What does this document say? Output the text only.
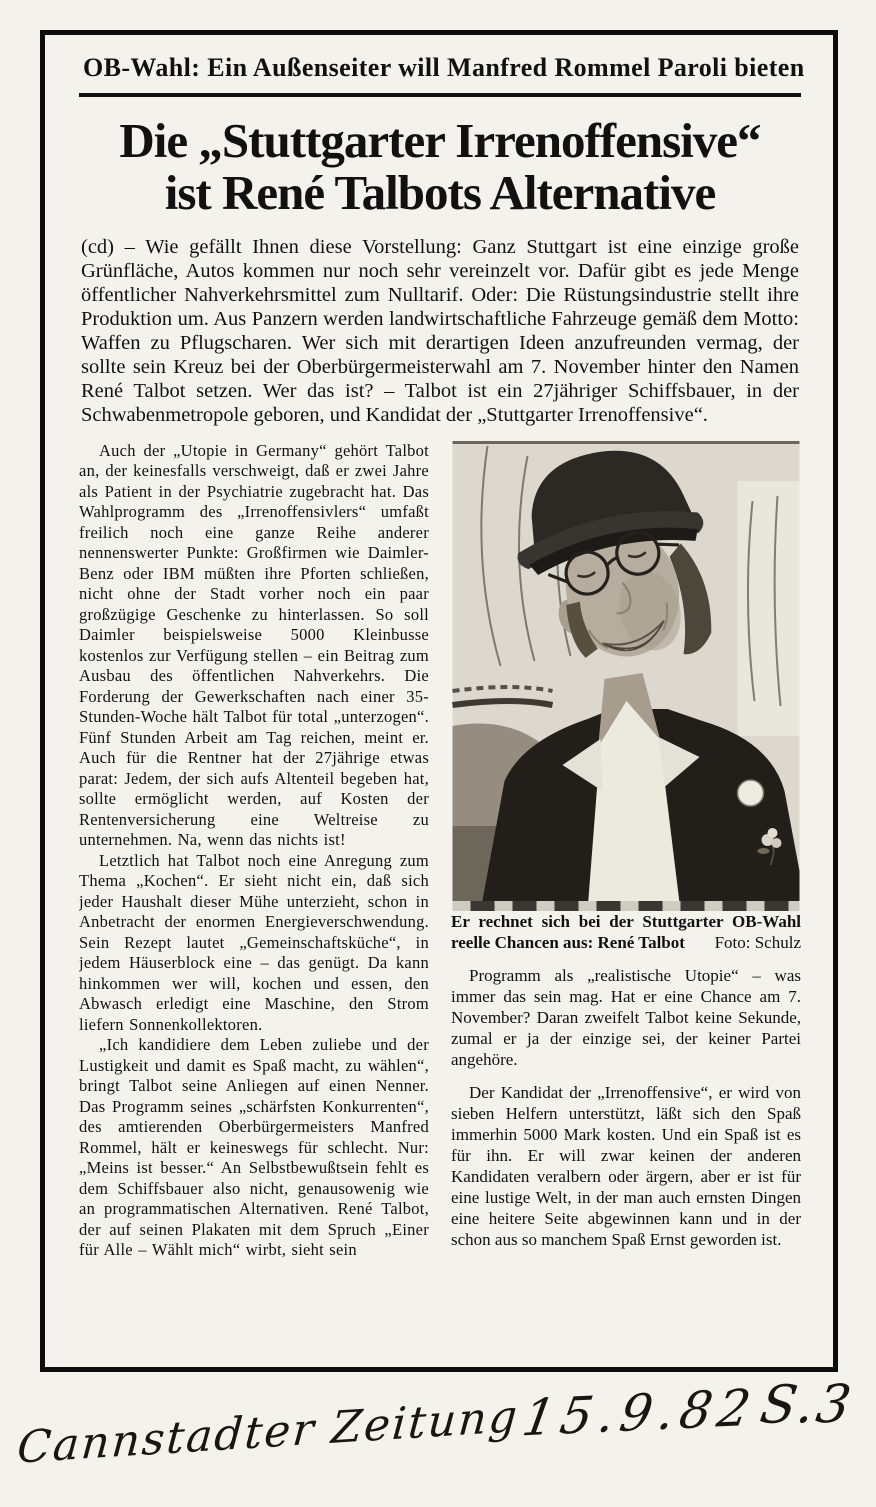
OB-Wahl: Ein Außenseiter will Manfred Rommel Paroli bieten
Die „Stuttgarter Irrenoffensive“
ist René Talbots Alternative
(cd) – Wie gefällt Ihnen diese Vorstellung: Ganz Stuttgart ist eine einzige große Grünfläche, Autos kommen nur noch sehr vereinzelt vor. Dafür gibt es jede Menge öffentlicher Nahverkehrsmittel zum Nulltarif. Oder: Die Rüstungsindustrie stellt ihre Produktion um. Aus Panzern werden landwirtschaftliche Fahrzeuge gemäß dem Motto: Waffen zu Pflugscharen. Wer sich mit derartigen Ideen anzufreunden vermag, der sollte sein Kreuz bei der Oberbürgermeisterwahl am 7. November hinter den Namen René Talbot setzen. Wer das ist? – Talbot ist ein 27jähriger Schiffsbauer, in der Schwabenmetropole geboren, und Kandidat der „Stuttgarter Irrenoffensive“.

Auch der „Utopie in Germany“ gehört Talbot an, der keinesfalls verschweigt, daß er zwei Jahre als Patient in der Psychiatrie zugebracht hat. Das Wahlprogramm des „Irrenoffensivlers“ umfaßt freilich noch eine ganze Reihe anderer nennenswerter Punkte: Großfirmen wie Daimler-Benz oder IBM müßten ihre Pforten schließen, nicht ohne der Stadt vorher noch ein paar großzügige Geschenke zu hinterlassen. So soll Daimler beispielsweise 5000 Kleinbusse kostenlos zur Verfügung stellen – ein Beitrag zum Ausbau des öffentlichen Nahverkehrs. Die Forderung der Gewerkschaften nach einer 35-Stunden-Woche hält Talbot für total „unterzogen“. Fünf Stunden Arbeit am Tag reichen, meint er. Auch für die Rentner hat der 27jährige etwas parat: Jedem, der sich aufs Altenteil begeben hat, sollte ermöglicht werden, auf Kosten der Rentenversicherung eine Weltreise zu unternehmen. Na, wenn das nichts ist!

Letztlich hat Talbot noch eine Anregung zum Thema „Kochen“. Er sieht nicht ein, daß sich jeder Haushalt dieser Mühe unterzieht, schon in Anbetracht der enormen Energieverschwendung. Sein Rezept lautet „Gemeinschaftsküche“, in jedem Häuserblock eine – das genügt. Da kann hinkommen wer will, kochen und essen, den Abwasch erledigt eine Maschine, den Strom liefern Sonnenkollektoren.

„Ich kandidiere dem Leben zuliebe und der Lustigkeit und damit es Spaß macht, zu wählen“, bringt Talbot seine Anliegen auf einen Nenner. Das Programm seines „schärfsten Konkurrenten“, des amtierenden Oberbürgermeisters Manfred Rommel, hält er keineswegs für schlecht. Nur: „Meins ist besser.“ An Selbstbewußtsein fehlt es dem Schiffsbauer also nicht, genausowenig wie an programmatischen Alternativen. René Talbot, der auf seinen Plakaten mit dem Spruch „Einer für Alle – Wählt mich“ wirbt, sieht sein

Er rechnet sich bei der Stuttgarter OB-Wahl reelle Chancen aus: René Talbot Foto: Schulz

Programm als „realistische Utopie“ – was immer das sein mag. Hat er eine Chance am 7. November? Daran zweifelt Talbot keine Sekunde, zumal er ja der einzige sei, der keiner Partei angehöre.

Der Kandidat der „Irrenoffensive“, er wird von sieben Helfern unterstützt, läßt sich den Spaß immerhin 5000 Mark kosten. Und ein Spaß ist es für ihn. Er will zwar keinen der anderen Kandidaten veralbern oder ärgern, aber er ist für eine lustige Welt, in der man auch ernsten Dingen eine heitere Seite abgewinnen kann und in der schon aus so manchem Spaß Ernst geworden ist.

Cannstadter Zeitung
15.9.82
S.3
